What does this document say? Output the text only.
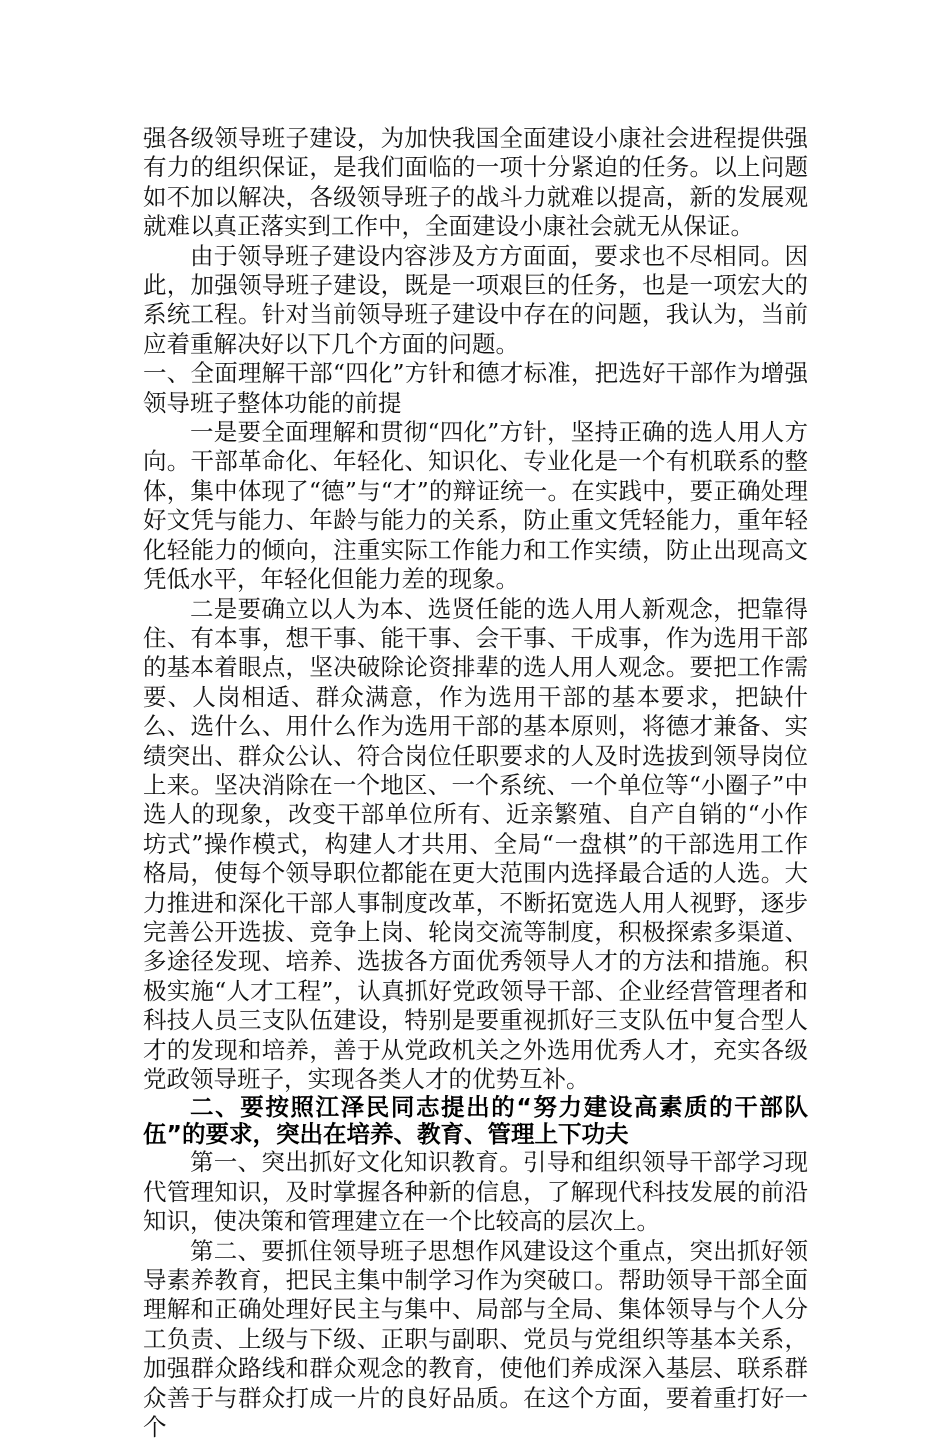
强各级领导班子建设，为加快我国全面建设小康社会进程提供强有力的组织保证，是我们面临的一项十分紧迫的任务。以上问题如不加以解决，各级领导班子的战斗力就难以提高，新的发展观就难以真正落实到工作中，全面建设小康社会就无从保证。

由于领导班子建设内容涉及方方面面，要求也不尽相同。因此，加强领导班子建设，既是一项艰巨的任务，也是一项宏大的系统工程。针对当前领导班子建设中存在的问题，我认为，当前应着重解决好以下几个方面的问题。

一、全面理解干部“四化”方针和德才标准，把选好干部作为增强领导班子整体功能的前提

一是要全面理解和贯彻“四化”方针，坚持正确的选人用人方向。干部革命化、年轻化、知识化、专业化是一个有机联系的整体，集中体现了“德”与“才”的辩证统一。在实践中，要正确处理好文凭与能力、年龄与能力的关系，防止重文凭轻能力，重年轻化轻能力的倾向，注重实际工作能力和工作实绩，防止出现高文凭低水平，年轻化但能力差的现象。

二是要确立以人为本、选贤任能的选人用人新观念，把靠得住、有本事，想干事、能干事、会干事、干成事，作为选用干部的基本着眼点，坚决破除论资排辈的选人用人观念。要把工作需要、人岗相适、群众满意，作为选用干部的基本要求，把缺什么、选什么、用什么作为选用干部的基本原则，将德才兼备、实绩突出、群众公认、符合岗位任职要求的人及时选拔到领导岗位上来。坚决消除在一个地区、一个系统、一个单位等“小圈子”中选人的现象，改变干部单位所有、近亲繁殖、自产自销的“小作坊式”操作模式，构建人才共用、全局“一盘棋”的干部选用工作格局，使每个领导职位都能在更大范围内选择最合适的人选。大力推进和深化干部人事制度改革，不断拓宽选人用人视野，逐步完善公开选拔、竞争上岗、轮岗交流等制度，积极探索多渠道、多途径发现、培养、选拔各方面优秀领导人才的方法和措施。积极实施“人才工程”，认真抓好党政领导干部、企业经营管理者和科技人员三支队伍建设，特别是要重视抓好三支队伍中复合型人才的发现和培养，善于从党政机关之外选用优秀人才，充实各级党政领导班子，实现各类人才的优势互补。

二、要按照江泽民同志提出的“努力建设高素质的干部队伍”的要求，突出在培养、教育、管理上下功夫

第一、突出抓好文化知识教育。引导和组织领导干部学习现代管理知识，及时掌握各种新的信息，了解现代科技发展的前沿知识，使决策和管理建立在一个比较高的层次上。

第二、要抓住领导班子思想作风建设这个重点，突出抓好领导素养教育，把民主集中制学习作为突破口。帮助领导干部全面理解和正确处理好民主与集中、局部与全局、集体领导与个人分工负责、上级与下级、正职与副职、党员与党组织等基本关系，加强群众路线和群众观念的教育，使他们养成深入基层、联系群众善于与群众打成一片的良好品质。在这个方面，要着重打好一个
